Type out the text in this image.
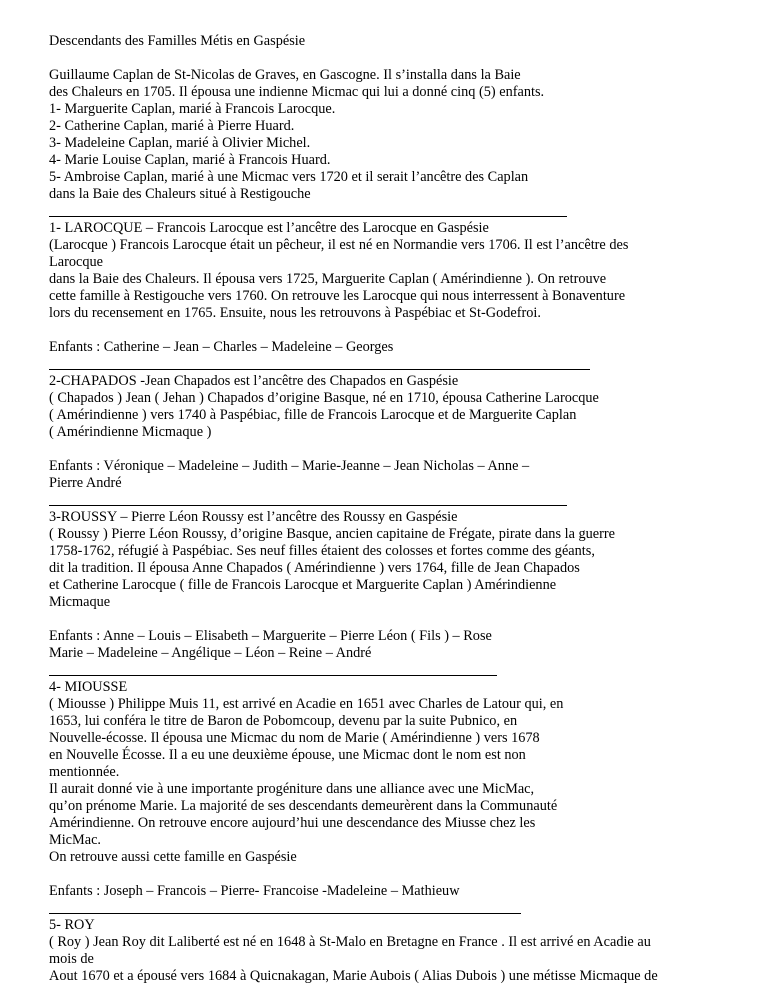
Descendants des Familles Métis en Gaspésie
Guillaume Caplan de St-Nicolas de Graves, en Gascogne. Il s’installa dans la Baie
des Chaleurs en 1705. Il épousa une indienne Micmac qui lui a donné cinq (5) enfants.
1- Marguerite Caplan, marié à Francois Larocque.
2- Catherine Caplan, marié à Pierre Huard.
3- Madeleine Caplan, marié à Olivier Michel.
4- Marie Louise Caplan, marié à Francois Huard.
5- Ambroise Caplan, marié à une Micmac vers 1720 et il serait l’ancêtre des Caplan
dans la Baie des Chaleurs situé à Restigouche
1- LAROCQUE – Francois Larocque est l’ancêtre des Larocque en Gaspésie
(Larocque ) Francois Larocque était un pêcheur, il est né en Normandie vers 1706. Il est l’ancêtre des
Larocque
dans la Baie des Chaleurs. Il épousa vers 1725, Marguerite Caplan ( Amérindienne ). On retrouve
cette famille à Restigouche vers 1760. On retrouve les Larocque qui nous interressent à Bonaventure
lors du recensement en 1765. Ensuite, nous les retrouvons à Paspébiac et St-Godefroi.
Enfants : Catherine – Jean – Charles – Madeleine – Georges
2-CHAPADOS -Jean Chapados est l’ancêtre des Chapados en Gaspésie
( Chapados ) Jean ( Jehan ) Chapados d’origine Basque, né en 1710, épousa Catherine Larocque
( Amérindienne ) vers 1740 à Paspébiac, fille de Francois Larocque et de Marguerite Caplan
( Amérindienne Micmaque )
Enfants : Véronique – Madeleine – Judith – Marie-Jeanne – Jean Nicholas – Anne –
Pierre André
3-ROUSSY – Pierre Léon Roussy est l’ancêtre des Roussy en Gaspésie
( Roussy ) Pierre Léon Roussy, d’origine Basque, ancien capitaine de Frégate, pirate dans la guerre
1758-1762, réfugié à Paspébiac. Ses neuf filles étaient des colosses et fortes comme des géants,
dit la tradition. Il épousa Anne Chapados ( Amérindienne ) vers 1764, fille de Jean Chapados
et Catherine Larocque ( fille de Francois Larocque et Marguerite Caplan ) Amérindienne
Micmaque
Enfants : Anne – Louis – Elisabeth – Marguerite – Pierre Léon ( Fils ) – Rose
Marie – Madeleine – Angélique – Léon – Reine – André
4- MIOUSSE
( Miousse ) Philippe Muis 11, est arrivé en Acadie en 1651 avec Charles de Latour qui, en
1653, lui conféra le titre de Baron de Pobomcoup, devenu par la suite Pubnico, en
Nouvelle-écosse. Il épousa une Micmac du nom de Marie ( Amérindienne ) vers 1678
en Nouvelle Écosse. Il a eu une deuxième épouse, une Micmac dont le nom est non
mentionnée.
Il aurait donné vie à une importante progéniture dans une alliance avec une MicMac,
qu’on prénome Marie. La majorité de ses descendants demeurèrent dans la Communauté
Amérindienne. On retrouve encore aujourd’hui une descendance des Miusse chez les
MicMac.
On retrouve aussi cette famille en Gaspésie
Enfants : Joseph – Francois – Pierre- Francoise -Madeleine – Mathieuw
5- ROY
( Roy ) Jean Roy dit Laliberté est né en 1648 à St-Malo en Bretagne en France . Il est arrivé en Acadie au
mois de
Aout 1670 et a épousé vers 1684 à Quicnakagan, Marie Aubois ( Alias Dubois ) une métisse Micmaque de
